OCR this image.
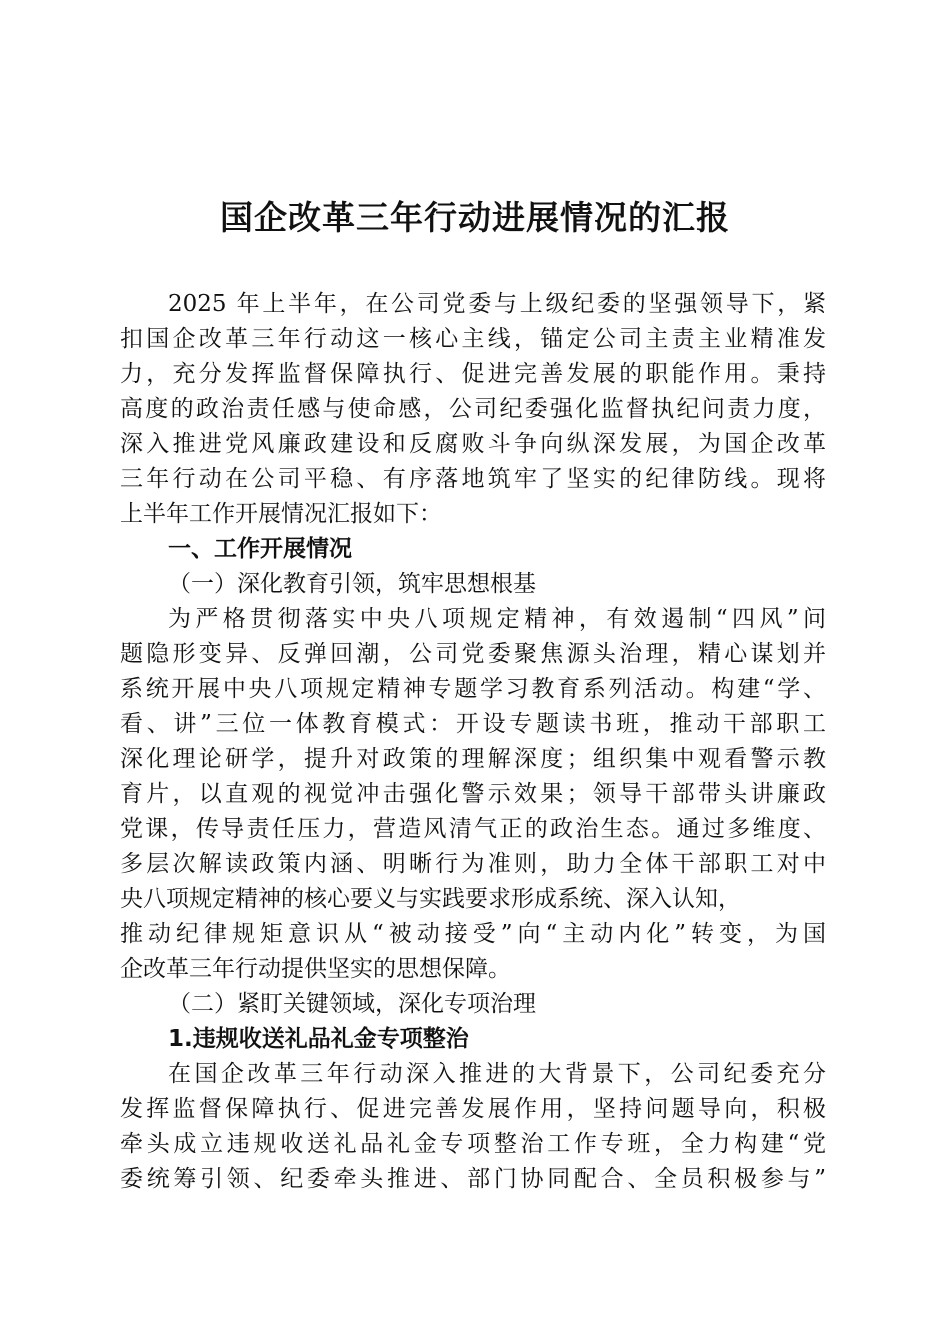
国企改革三年行动进展情况的汇报
2025 年上半年，在公司党委与上级纪委的坚强领导下，紧
扣国企改革三年行动这一核心主线，锚定公司主责主业精准发
力，充分发挥监督保障执行、促进完善发展的职能作用。秉持
高度的政治责任感与使命感，公司纪委强化监督执纪问责力度，
深入推进党风廉政建设和反腐败斗争向纵深发展，为国企改革
三年行动在公司平稳、有序落地筑牢了坚实的纪律防线。现将
上半年工作开展情况汇报如下：
一、工作开展情况
（一）深化教育引领，筑牢思想根基
为严格贯彻落实中央八项规定精神，有效遏制“四风”问
题隐形变异、反弹回潮，公司党委聚焦源头治理，精心谋划并
系统开展中央八项规定精神专题学习教育系列活动。构建“学、
看、讲”三位一体教育模式：开设专题读书班，推动干部职工
深化理论研学，提升对政策的理解深度；组织集中观看警示教
育片，以直观的视觉冲击强化警示效果；领导干部带头讲廉政
党课，传导责任压力，营造风清气正的政治生态。通过多维度、
多层次解读政策内涵、明晰行为准则，助力全体干部职工对中
央八项规定精神的核心要义与实践要求形成系统、深入认知，
推动纪律规矩意识从“被动接受”向“主动内化”转变，为国
企改革三年行动提供坚实的思想保障。
（二）紧盯关键领域，深化专项治理
1.违规收送礼品礼金专项整治
在国企改革三年行动深入推进的大背景下，公司纪委充分
发挥监督保障执行、促进完善发展作用，坚持问题导向，积极
牵头成立违规收送礼品礼金专项整治工作专班，全力构建“党
委统筹引领、纪委牵头推进、部门协同配合、全员积极参与”
